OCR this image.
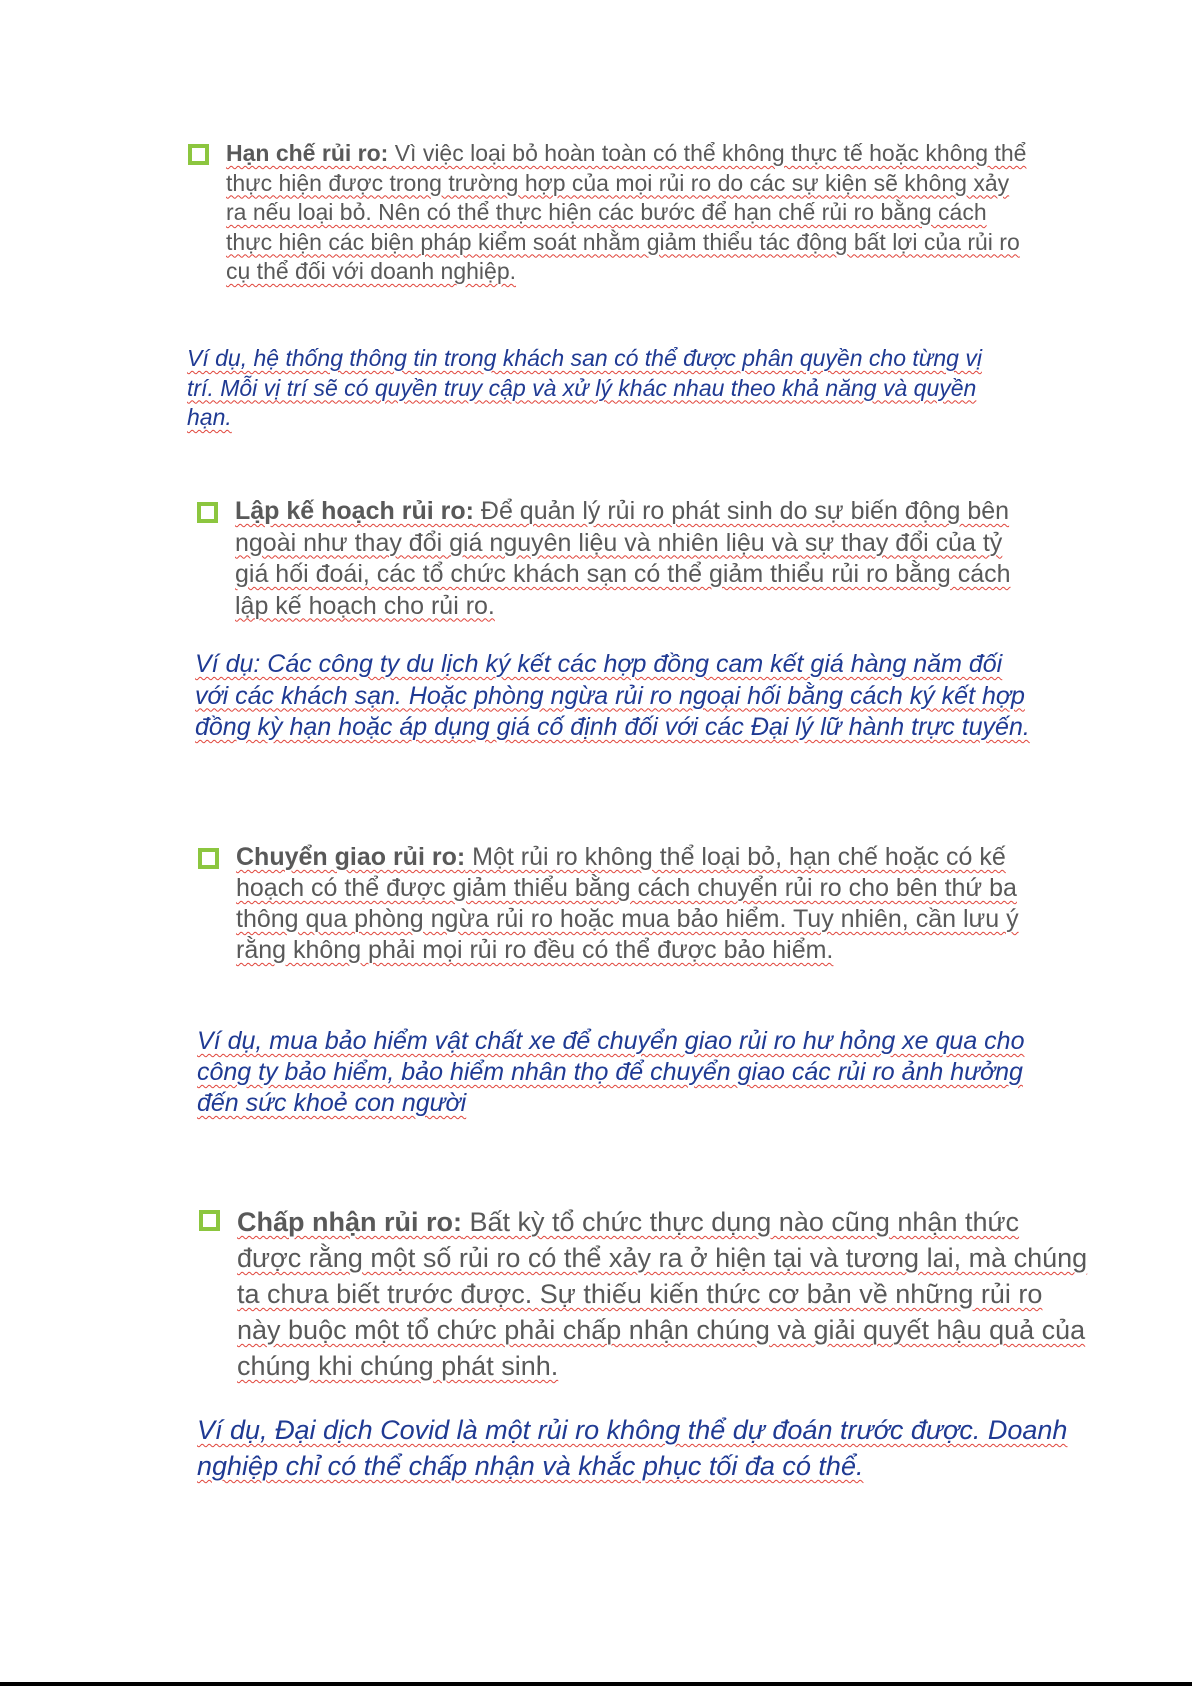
Hạn chế rủi ro: Vì việc loại bỏ hoàn toàn có thể không thực tế hoặc không thể thực hiện được trong trường hợp của mọi rủi ro do các sự kiện sẽ không xảy ra nếu loại bỏ. Nên có thể thực hiện các bước để hạn chế rủi ro bằng cách thực hiện các biện pháp kiểm soát nhằm giảm thiểu tác động bất lợi của rủi ro cụ thể đối với doanh nghiệp.

Ví dụ, hệ thống thông tin trong khách san có thể được phân quyền cho từng vị trí. Mỗi vị trí sẽ có quyền truy cập và xử lý khác nhau theo khả năng và quyền hạn.

Lập kế hoạch rủi ro: Để quản lý rủi ro phát sinh do sự biến động bên ngoài như thay đổi giá nguyên liệu và nhiên liệu và sự thay đổi của tỷ giá hối đoái, các tổ chức khách sạn có thể giảm thiểu rủi ro bằng cách lập kế hoạch cho rủi ro.

Ví dụ: Các công ty du lịch ký kết các hợp đồng cam kết giá hàng năm đối với các khách sạn. Hoặc phòng ngừa rủi ro ngoại hối bằng cách ký kết hợp đồng kỳ hạn hoặc áp dụng giá cố định đối với các Đại lý lữ hành trực tuyến.

Chuyển giao rủi ro: Một rủi ro không thể loại bỏ, hạn chế hoặc có kế hoạch có thể được giảm thiểu bằng cách chuyển rủi ro cho bên thứ ba thông qua phòng ngừa rủi ro hoặc mua bảo hiểm. Tuy nhiên, cần lưu ý rằng không phải mọi rủi ro đều có thể được bảo hiểm.

Ví dụ, mua bảo hiểm vật chất xe để chuyển giao rủi ro hư hỏng xe qua cho công ty bảo hiểm, bảo hiểm nhân thọ để chuyển giao các rủi ro ảnh hưởng đến sức khoẻ con người

Chấp nhận rủi ro: Bất kỳ tổ chức thực dụng nào cũng nhận thức được rằng một số rủi ro có thể xảy ra ở hiện tại và tương lai, mà chúng ta chưa biết trước được. Sự thiếu kiến thức cơ bản về những rủi ro này buộc một tổ chức phải chấp nhận chúng và giải quyết hậu quả của chúng khi chúng phát sinh.

Ví dụ, Đại dịch Covid là một rủi ro không thể dự đoán trước được. Doanh nghiệp chỉ có thể chấp nhận và khắc phục tối đa có thể.
